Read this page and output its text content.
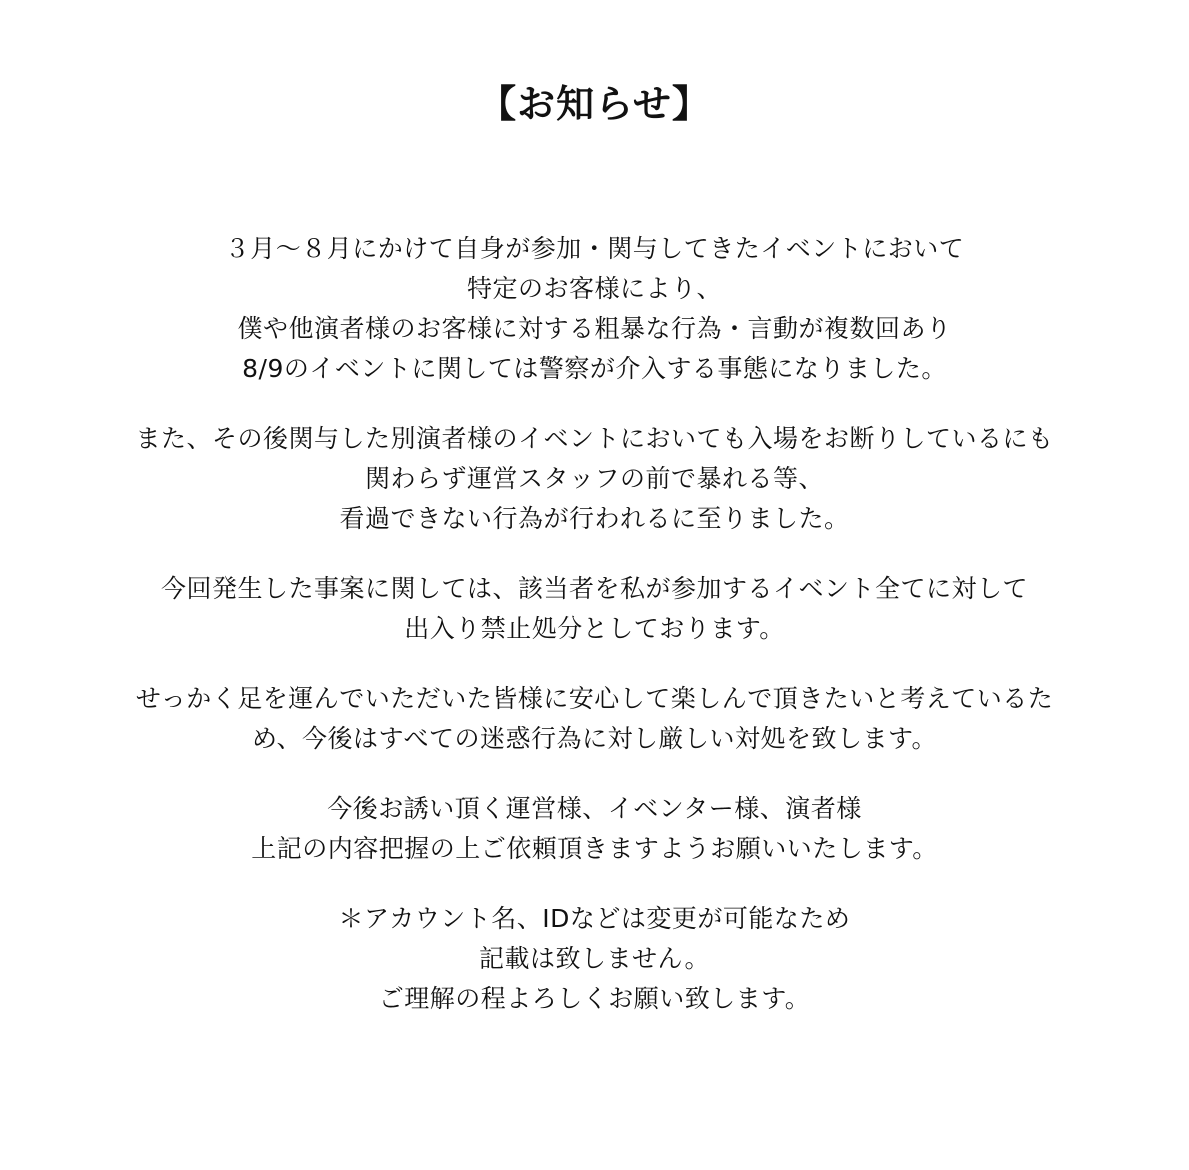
【お知らせ】
３月〜８月にかけて自身が参加・関与してきたイベントにおいて
特定のお客様により、
僕や他演者様のお客様に対する粗暴な行為・言動が複数回あり
8/9のイベントに関しては警察が介入する事態になりました。
また、その後関与した別演者様のイベントにおいても入場をお断りしているにも
関わらず運営スタッフの前で暴れる等、
看過できない行為が行われるに至りました。
今回発生した事案に関しては、該当者を私が参加するイベント全てに対して
出入り禁止処分としております。
せっかく足を運んでいただいた皆様に安心して楽しんで頂きたいと考えているた
め、今後はすべての迷惑行為に対し厳しい対処を致します。
今後お誘い頂く運営様、イベンター様、演者様
上記の内容把握の上ご依頼頂きますようお願いいたします。
＊アカウント名、IDなどは変更が可能なため
記載は致しません。
ご理解の程よろしくお願い致します。
